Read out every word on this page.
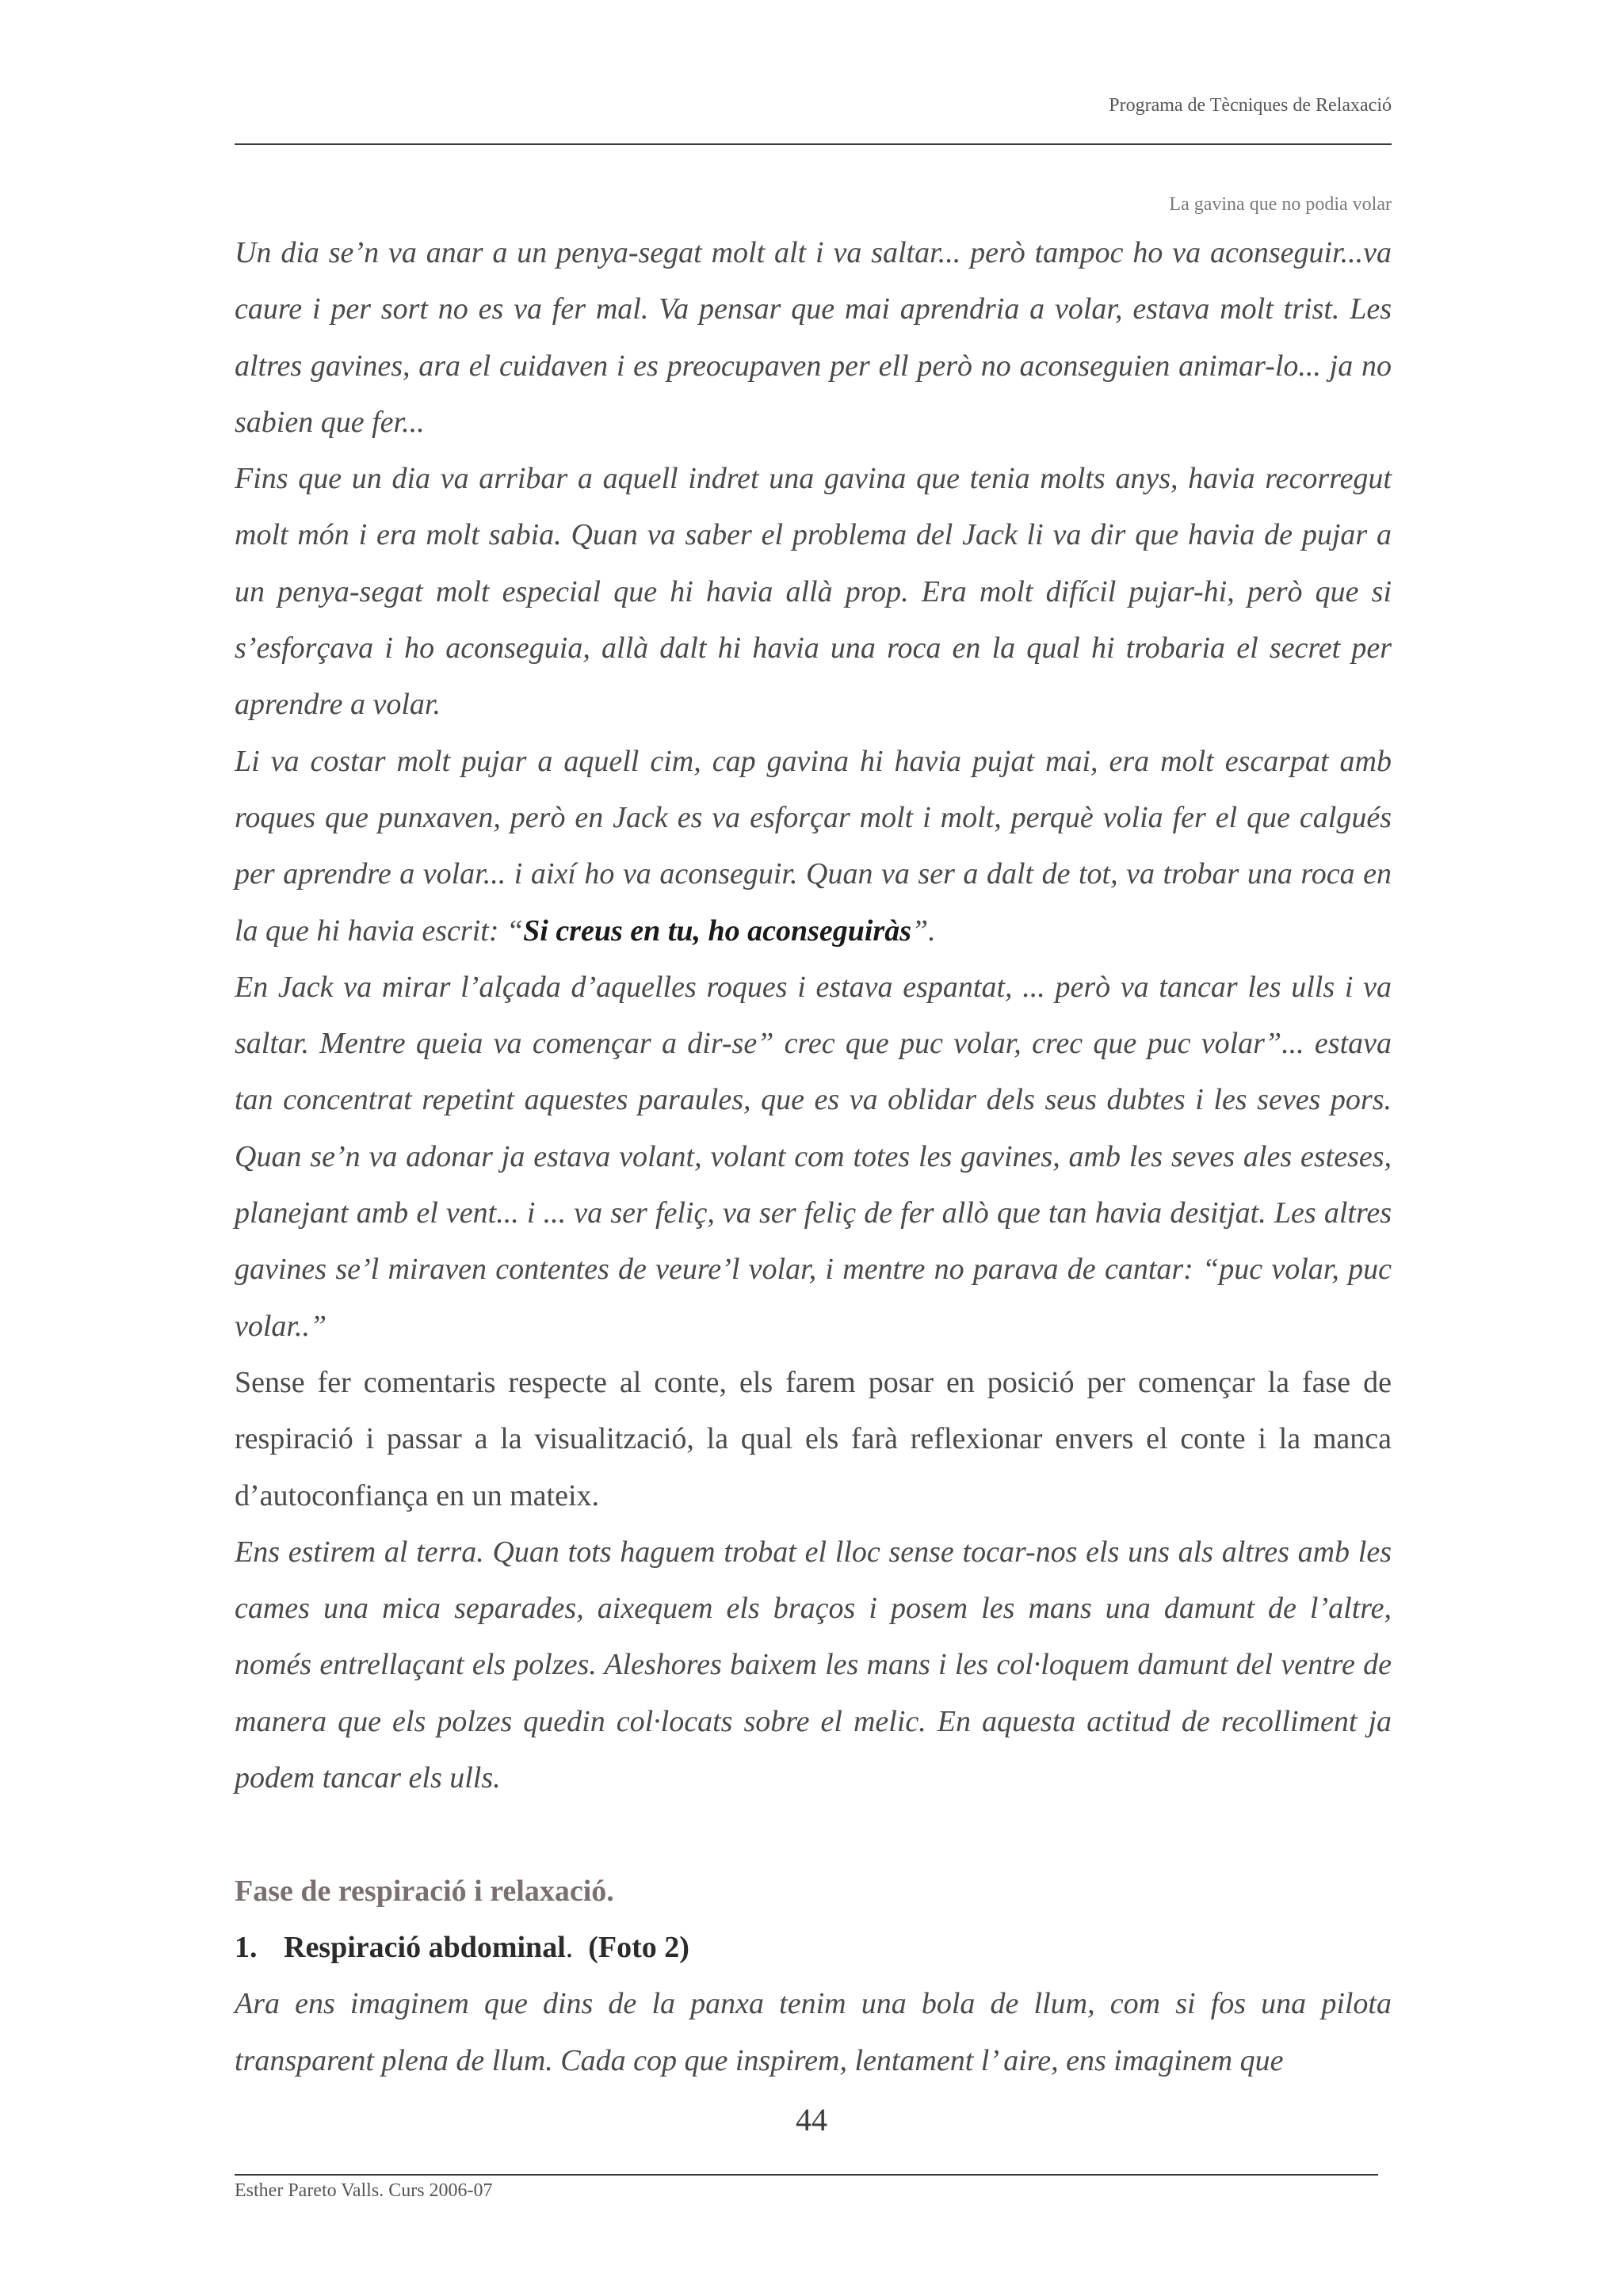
Programa de Tècniques de Relaxació
La gavina que no podia volar

Un dia se’n va anar a un penya-segat molt alt i va saltar... però tampoc ho va aconseguir...va caure i per sort no es va fer mal. Va pensar que mai aprendria a volar, estava molt trist. Les altres gavines, ara el cuidaven i es preocupaven per ell però no aconseguien animar-lo... ja no sabien que fer...

Fins que un dia va arribar a aquell indret una gavina que tenia molts anys, havia recorregut molt món i era molt sabia. Quan va saber el problema del Jack li va dir que havia de pujar a un penya-segat molt especial que hi havia allà prop. Era molt difícil pujar-hi, però que si s’esforçava i ho aconseguia, allà dalt hi havia una roca en la qual hi trobaria el secret per aprendre a volar.

Li va costar molt pujar a aquell cim, cap gavina hi havia pujat mai, era molt escarpat amb roques que punxaven, però en Jack es va esforçar molt i molt, perquè volia fer el que calgués per aprendre a volar... i així ho va aconseguir. Quan va ser a dalt de tot, va trobar una roca en la que hi havia escrit: “Si creus en tu, ho aconseguiràs”.

En Jack va mirar l’alçada d’aquelles roques i estava espantat, ... però va tancar les ulls i va saltar. Mentre queia va començar a dir-se” crec que puc volar, crec que puc volar”... estava tan concentrat repetint aquestes paraules, que es va oblidar dels seus dubtes i les seves pors. Quan se’n va adonar ja estava volant, volant com totes les gavines, amb les seves ales esteses, planejant amb el vent... i ... va ser feliç, va ser feliç de fer allò que tan havia desitjat. Les altres gavines se’l miraven contentes de veure’l volar, i mentre no parava de cantar: “puc volar, puc volar..”

Sense fer comentaris respecte al conte, els farem posar en posició per començar la fase de respiració i passar a la visualització, la qual els farà reflexionar envers el conte i la manca d’autoconfiança en un mateix.

Ens estirem al terra. Quan tots haguem trobat el lloc sense tocar-nos els uns als altres amb les cames una mica separades, aixequem els braços i posem les mans una damunt de l’altre, només entrellaçant els polzes. Aleshores baixem les mans i les col·loquem damunt del ventre de manera que els polzes quedin col·locats sobre el melic. En aquesta actitud de recolliment ja podem tancar els ulls.

Fase de respiració i relaxació.

1. Respiració abdominal. (Foto 2)

Ara ens imaginem que dins de la panxa tenim una bola de llum, com si fos una pilota transparent plena de llum. Cada cop que inspirem, lentament l’ aire, ens imaginem que

44
Esther Pareto Valls. Curs 2006-07
